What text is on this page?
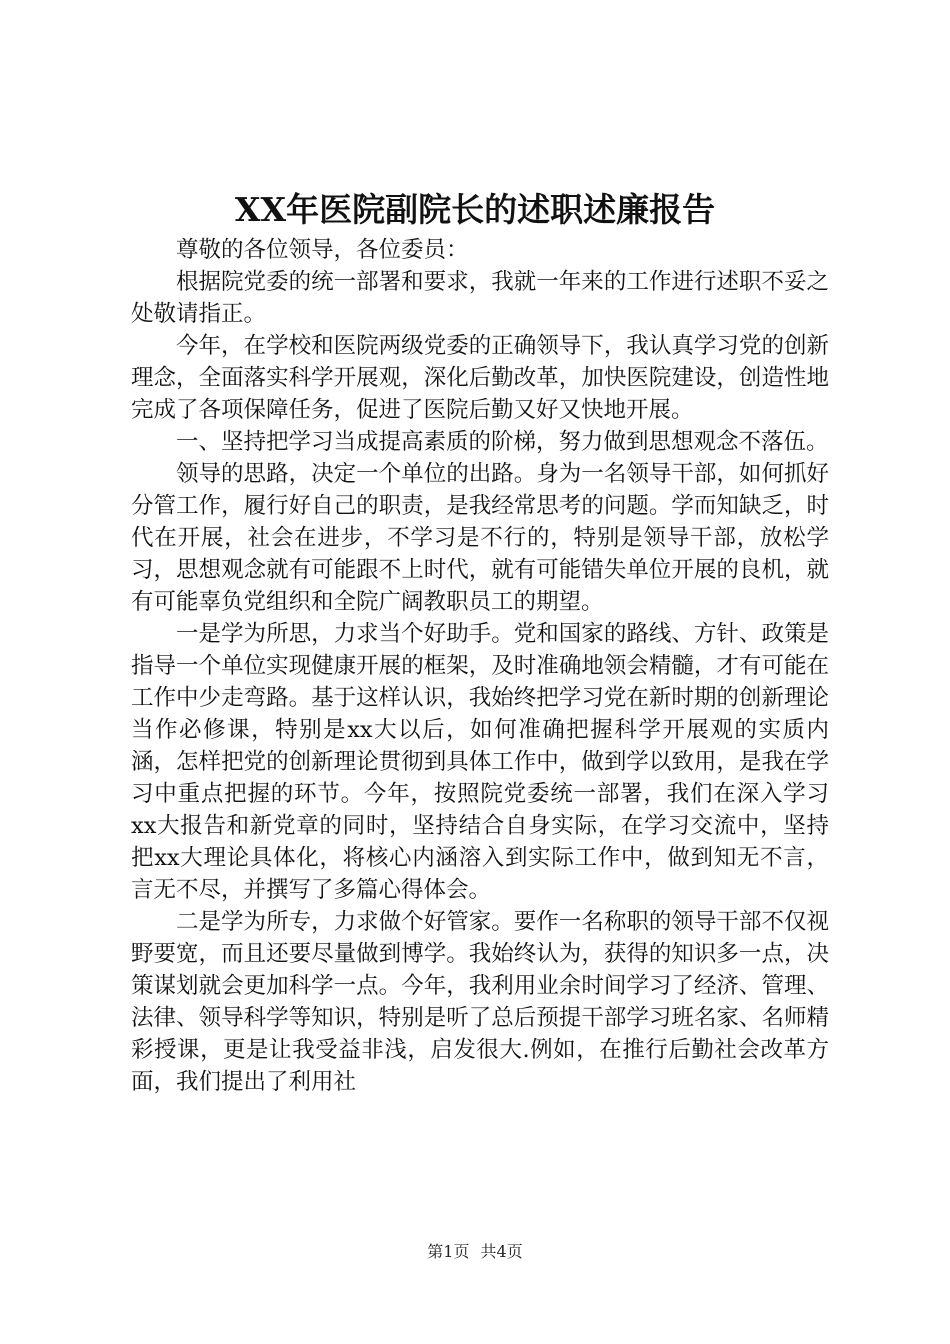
XX年医院副院长的述职述廉报告

尊敬的各位领导，各位委员：

根据院党委的统一部署和要求，我就一年来的工作进行述职不妥之处敬请指正。

今年，在学校和医院两级党委的正确领导下，我认真学习党的创新理念，全面落实科学开展观，深化后勤改革，加快医院建设，创造性地完成了各项保障任务，促进了医院后勤又好又快地开展。

一、坚持把学习当成提高素质的阶梯，努力做到思想观念不落伍。

领导的思路，决定一个单位的出路。身为一名领导干部，如何抓好分管工作，履行好自己的职责，是我经常思考的问题。学而知缺乏，时代在开展，社会在进步，不学习是不行的，特别是领导干部，放松学习，思想观念就有可能跟不上时代，就有可能错失单位开展的良机，就有可能辜负党组织和全院广阔教职员工的期望。

一是学为所思，力求当个好助手。党和国家的路线、方针、政策是指导一个单位实现健康开展的框架，及时准确地领会精髓，才有可能在工作中少走弯路。基于这样认识，我始终把学习党在新时期的创新理论当作必修课，特别是xx大以后，如何准确把握科学开展观的实质内涵，怎样把党的创新理论贯彻到具体工作中，做到学以致用，是我在学习中重点把握的环节。今年，按照院党委统一部署，我们在深入学习xx大报告和新党章的同时，坚持结合自身实际，在学习交流中，坚持把xx大理论具体化，将核心内涵溶入到实际工作中，做到知无不言，言无不尽，并撰写了多篇心得体会。

二是学为所专，力求做个好管家。要作一名称职的领导干部不仅视野要宽，而且还要尽量做到博学。我始终认为，获得的知识多一点，决策谋划就会更加科学一点。今年，我利用业余时间学习了经济、管理、法律、领导科学等知识，特别是听了总后预提干部学习班名家、名师精彩授课，更是让我受益非浅，启发很大.例如，在推行后勤社会改革方面，我们提出了利用社

第1页 共4页
